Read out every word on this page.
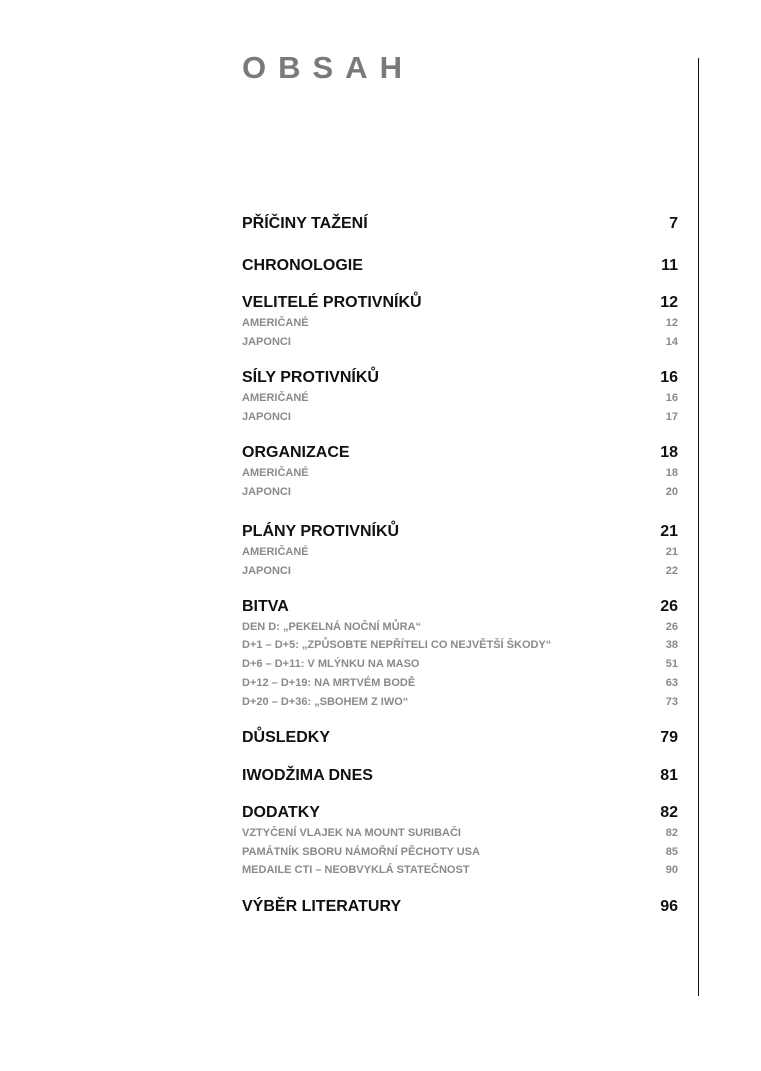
OBSAH
PŘÍČINY TAŽENÍ	7
CHRONOLOGIE	11
VELITELÉ PROTIVNÍKŮ	12
AMERIČANÉ	12
JAPONCI	14
SÍLY PROTIVNÍKŮ	16
AMERIČANÉ	16
JAPONCI	17
ORGANIZACE	18
AMERIČANÉ	18
JAPONCI	20
PLÁNY PROTIVNÍKŮ	21
AMERIČANÉ	21
JAPONCI	22
BITVA	26
DEN D: „PEKELNÁ NOČNÍ MŮRA“	26
D+1 – D+5: „ZPŮSOBTE NEPŘÍTELI CO NEJVĚTŠÍ ŠKODY“	38
D+6 – D+11: V MLÝNKU NA MASO	51
D+12 – D+19: NA MRTVÉM BODĚ	63
D+20 – D+36: „SBOHEM Z IWO“	73
DŮSLEDKY	79
IWODŽIMA DNES	81
DODATKY	82
VZTYČENÍ VLAJEK NA MOUNT SURIBAČI	82
PAMÁTNÍK SBORU NÁMOŘNÍ PĚCHOTY USA	85
MEDAILE CTI – NEOBVYKLÁ STATEČNOST	90
VÝBĚR LITERATURY	96
